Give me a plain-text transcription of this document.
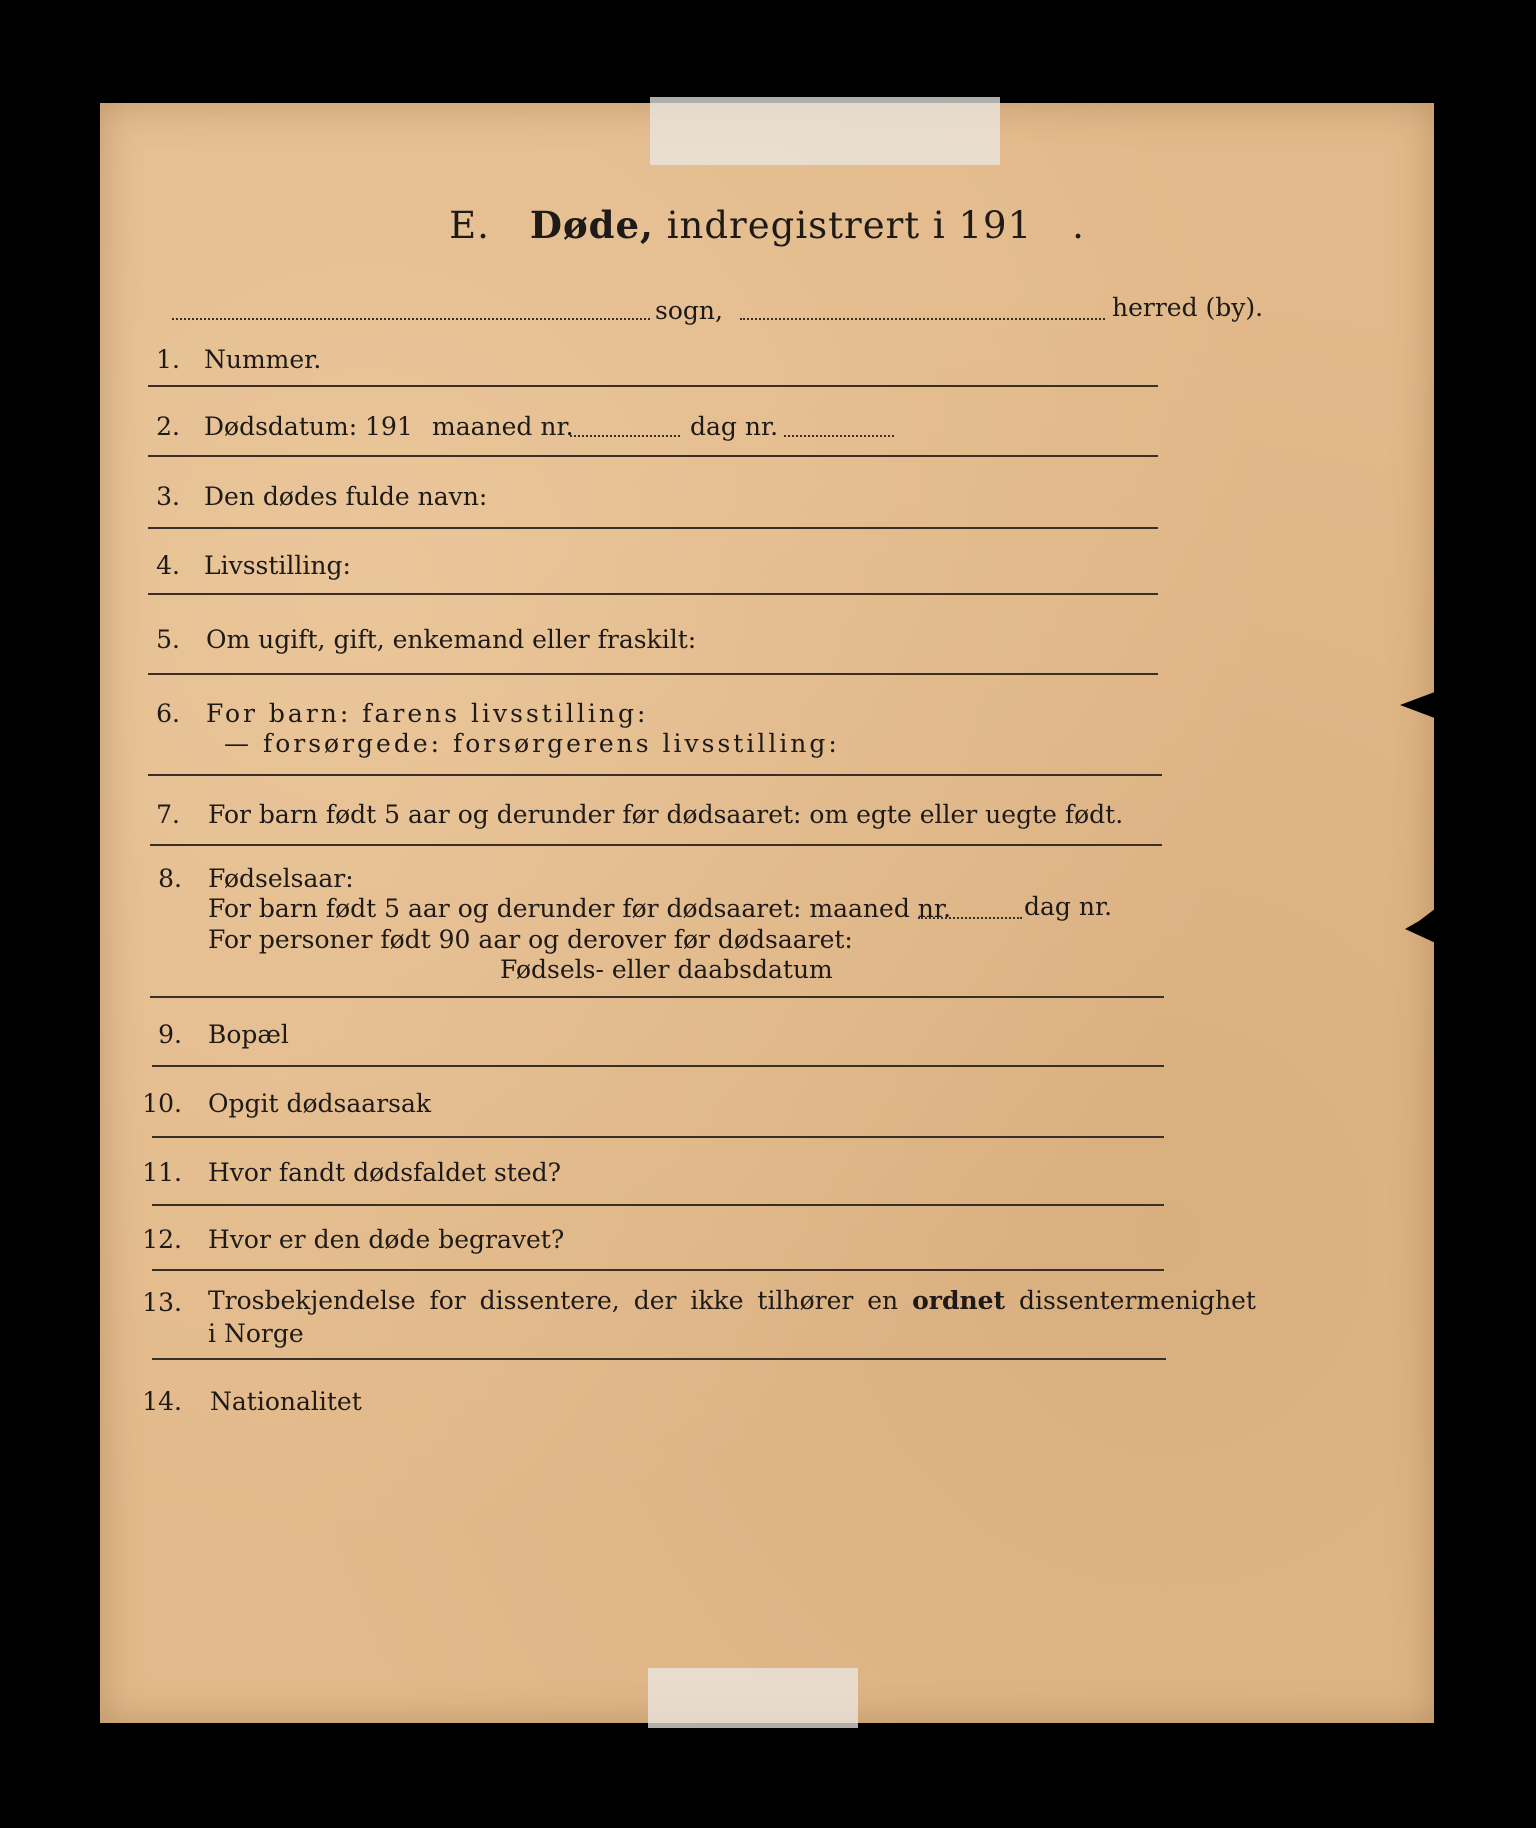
E. Døde, indregistrert i 191 .
sogn,	herred (by).
1. Nummer.
2. Dødsdatum: 191 maaned nr.	dag nr.
3. Den dødes fulde navn:
4. Livsstilling:
5. Om ugift, gift, enkemand eller fraskilt:
6. For barn: farens livsstilling:
— forsørgede: forsørgerens livsstilling:
7. For barn født 5 aar og derunder før dødsaaret: om egte eller uegte født.
8. Fødselsaar:
For barn født 5 aar og derunder før dødsaaret: maaned nr.	dag nr.
For personer født 90 aar og derover før dødsaaret:
Fødsels- eller daabsdatum
9. Bopæl
10. Opgit dødsaarsak
11. Hvor fandt dødsfaldet sted?
12. Hvor er den døde begravet?
13. Trosbekjendelse for dissentere, der ikke tilhører en ordnet dissentermenighet
i Norge
14. Nationalitet
